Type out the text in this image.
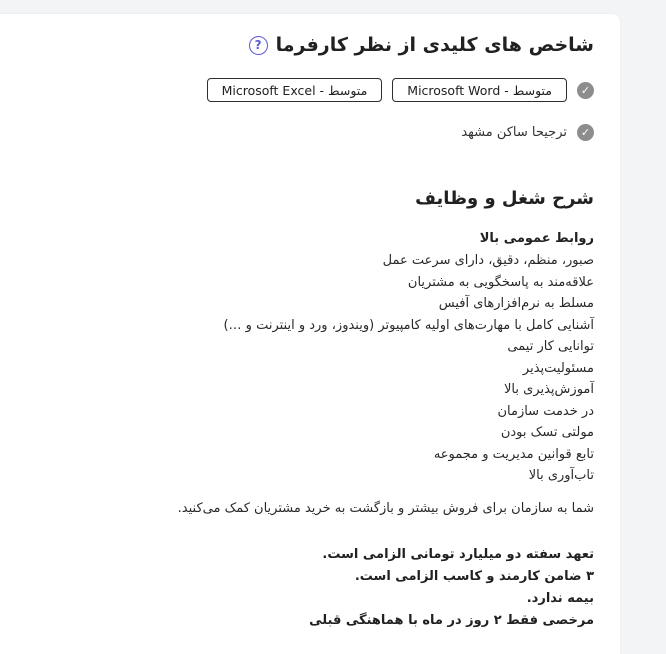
شاخص های کلیدی از نظر کارفرما
?
✓
Microsoft Word - متوسط
Microsoft Excel - متوسط
✓
ترجیحا ساکن مشهد
شرح شغل و وظایف
روابط عمومی بالا
صبور، منظم، دقیق، دارای سرعت عمل
علاقه‌مند به پاسخگویی به مشتریان
مسلط به نرم‌افزارهای آفیس
آشنایی کامل با مهارت‌های اولیه کامپیوتر (ویندوز، ورد و اینترنت و …)
توانایی کار تیمی
مسئولیت‌پذیر
آموزش‌پذیری بالا
در خدمت سازمان
مولتی تسک بودن
تابع قوانین مدیریت و مجموعه
تاب‌آوری بالا
شما به سازمان برای فروش بیشتر و بازگشت به خرید مشتریان کمک می‌کنید.
تعهد سفته دو میلیارد تومانی الزامی است.
۳ ضامن کارمند و کاسب الزامی است.
بیمه ندارد.
مرخصی فقط ۲ روز در ماه با هماهنگی قبلی
